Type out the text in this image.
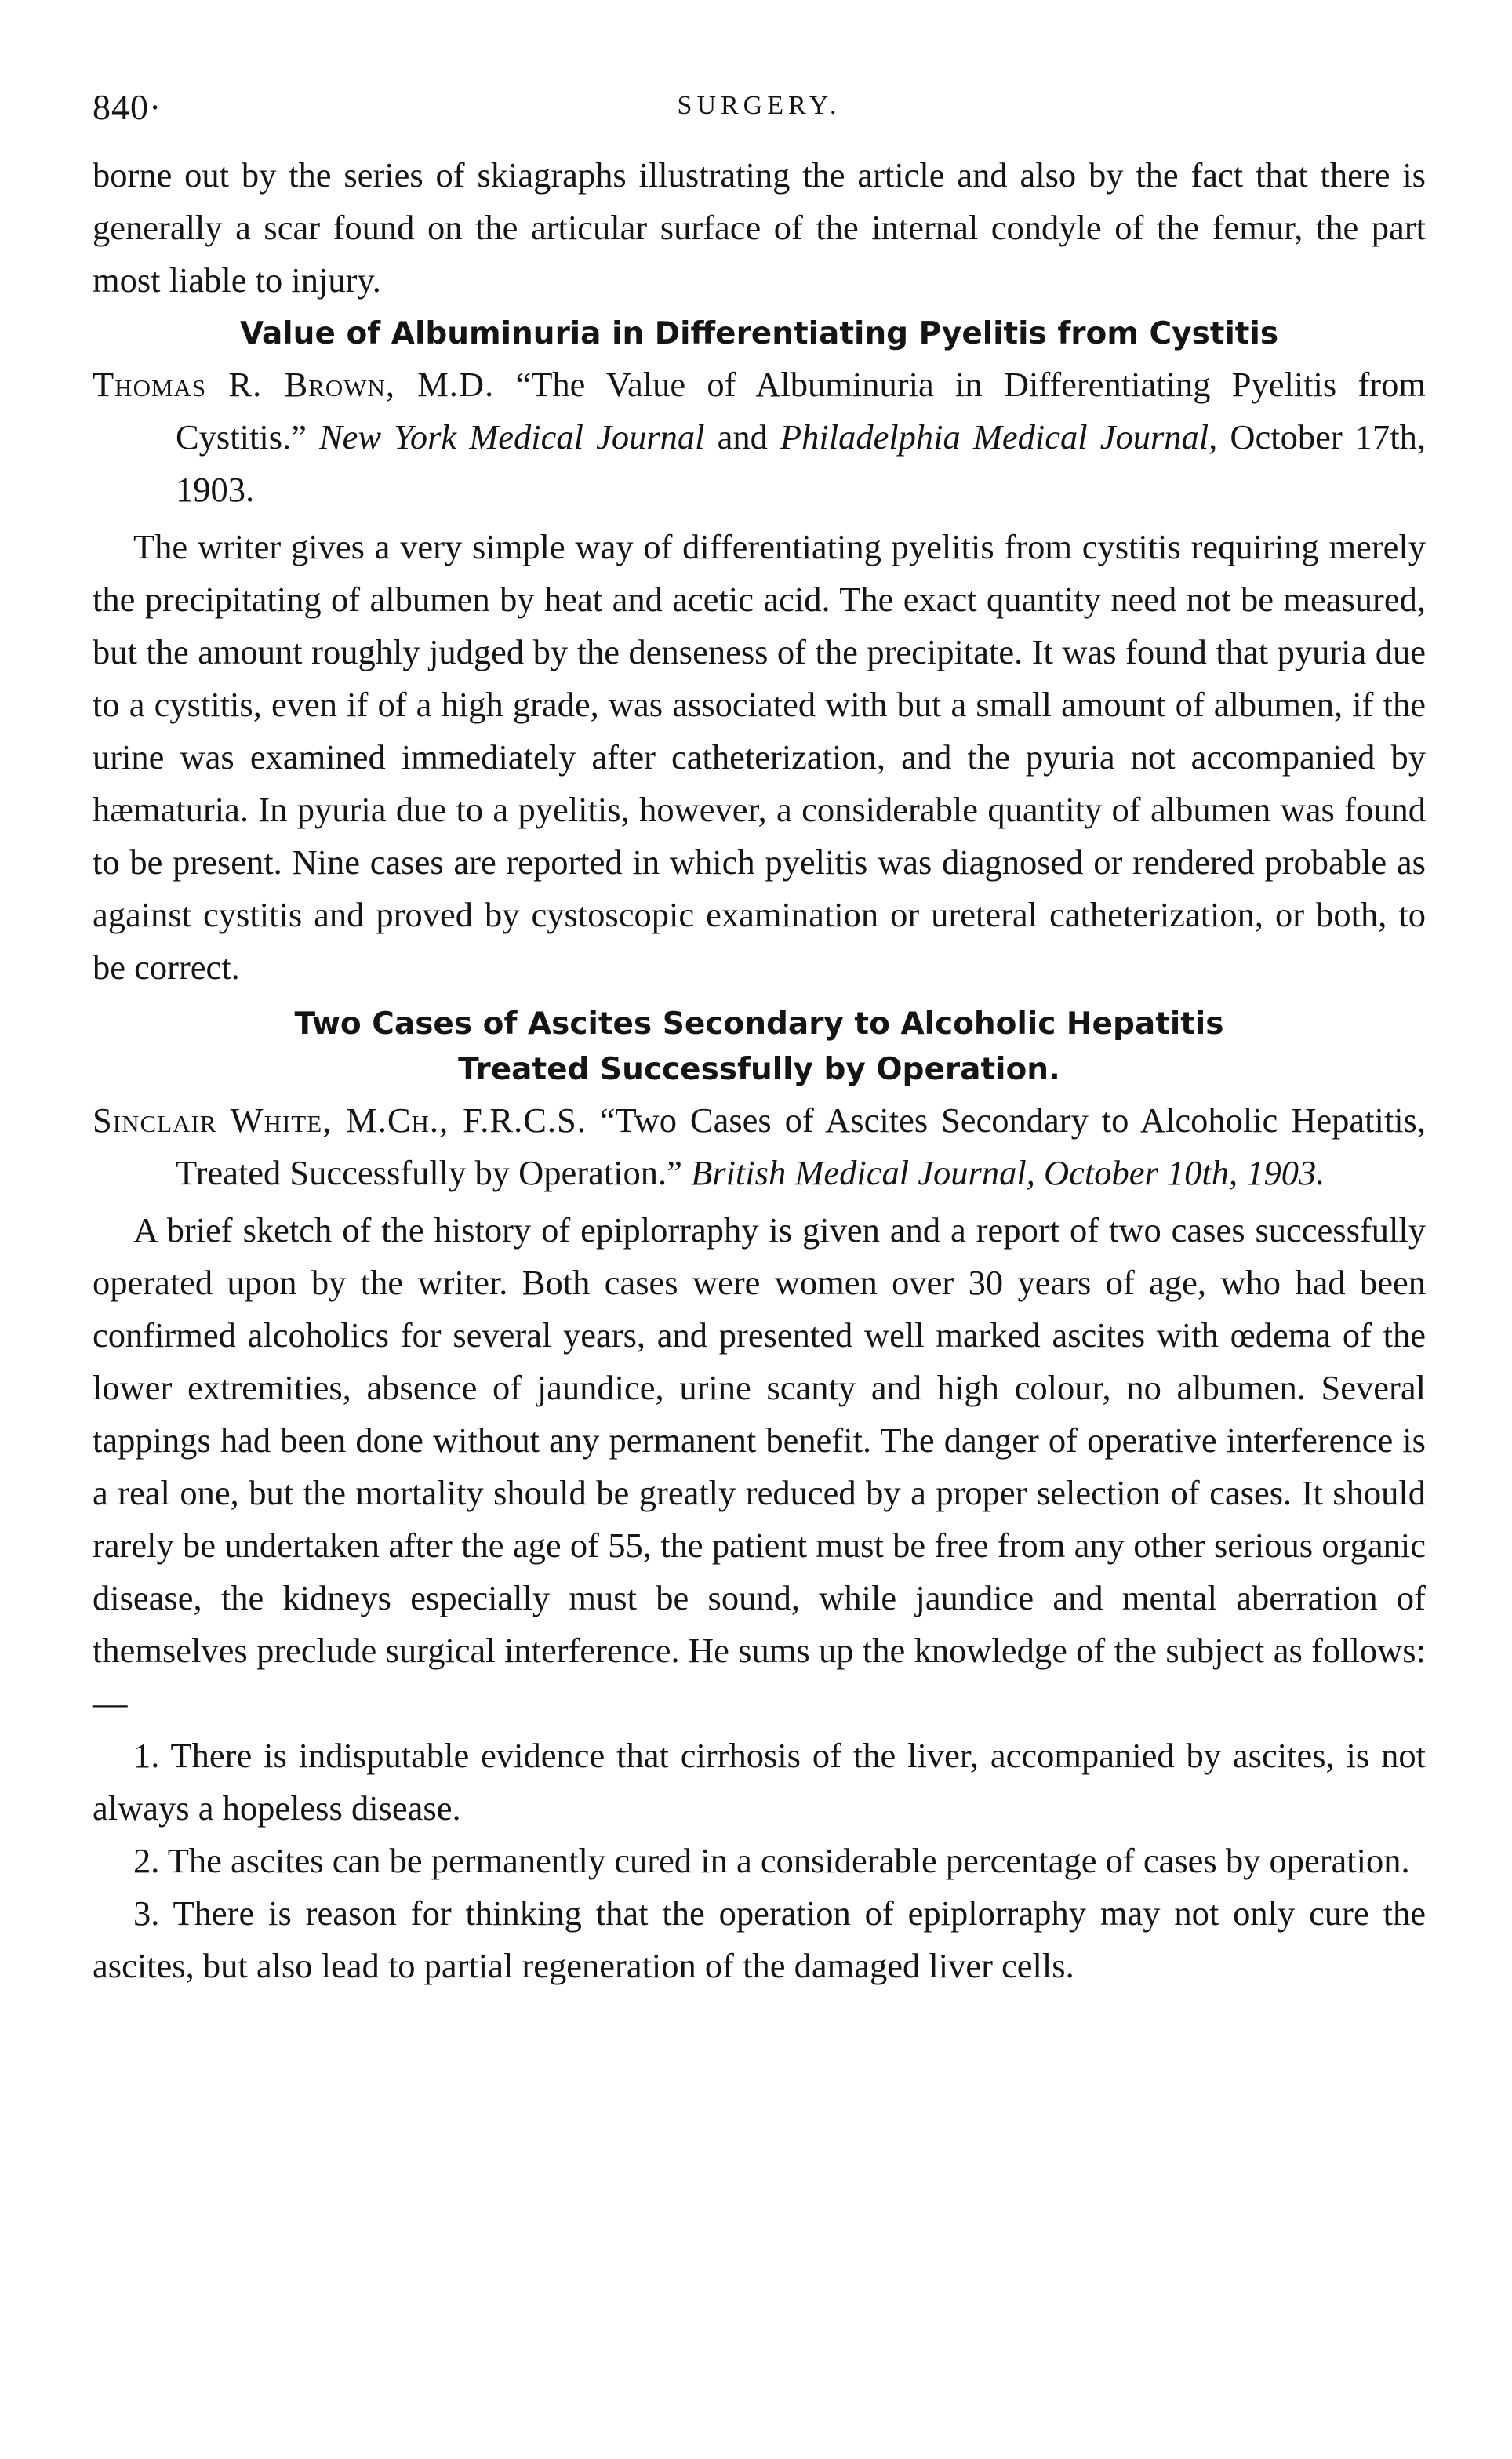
840·	SURGERY.

borne out by the series of skiagraphs illustrating the article and also by the fact that there is generally a scar found on the articular surface of the internal condyle of the femur, the part most liable to injury.

Value of Albuminuria in Differentiating Pyelitis from Cystitis

Thomas R. Brown, M.D. “The Value of Albuminuria in Differentiating Pyelitis from Cystitis.” New York Medical Journal and Philadelphia Medical Journal, October 17th, 1903.

The writer gives a very simple way of differentiating pyelitis from cystitis requiring merely the precipitating of albumen by heat and acetic acid. The exact quantity need not be measured, but the amount roughly judged by the denseness of the precipitate. It was found that pyuria due to a cystitis, even if of a high grade, was associated with but a small amount of albumen, if the urine was examined immediately after catheterization, and the pyuria not accompanied by hæmaturia. In pyuria due to a pyelitis, however, a considerable quantity of albumen was found to be present. Nine cases are reported in which pyelitis was diagnosed or rendered probable as against cystitis and proved by cystoscopic examination or ureteral catheterization, or both, to be correct.

Two Cases of Ascites Secondary to Alcoholic Hepatitis
Treated Successfully by Operation.

Sinclair White, M.Ch., F.R.C.S. “Two Cases of Ascites Secondary to Alcoholic Hepatitis, Treated Successfully by Operation.” British Medical Journal, October 10th, 1903.

A brief sketch of the history of epiplorraphy is given and a report of two cases successfully operated upon by the writer. Both cases were women over 30 years of age, who had been confirmed alcoholics for several years, and presented well marked ascites with œdema of the lower extremities, absence of jaundice, urine scanty and high colour, no albumen. Several tappings had been done without any permanent benefit. The danger of operative interference is a real one, but the mortality should be greatly reduced by a proper selection of cases. It should rarely be undertaken after the age of 55, the patient must be free from any other serious organic disease, the kidneys especially must be sound, while jaundice and mental aberration of themselves preclude surgical interference. He sums up the knowledge of the subject as follows:—

1. There is indisputable evidence that cirrhosis of the liver, accompanied by ascites, is not always a hopeless disease.

2. The ascites can be permanently cured in a considerable percentage of cases by operation.

3. There is reason for thinking that the operation of epiplorraphy may not only cure the ascites, but also lead to partial regeneration of the damaged liver cells.
